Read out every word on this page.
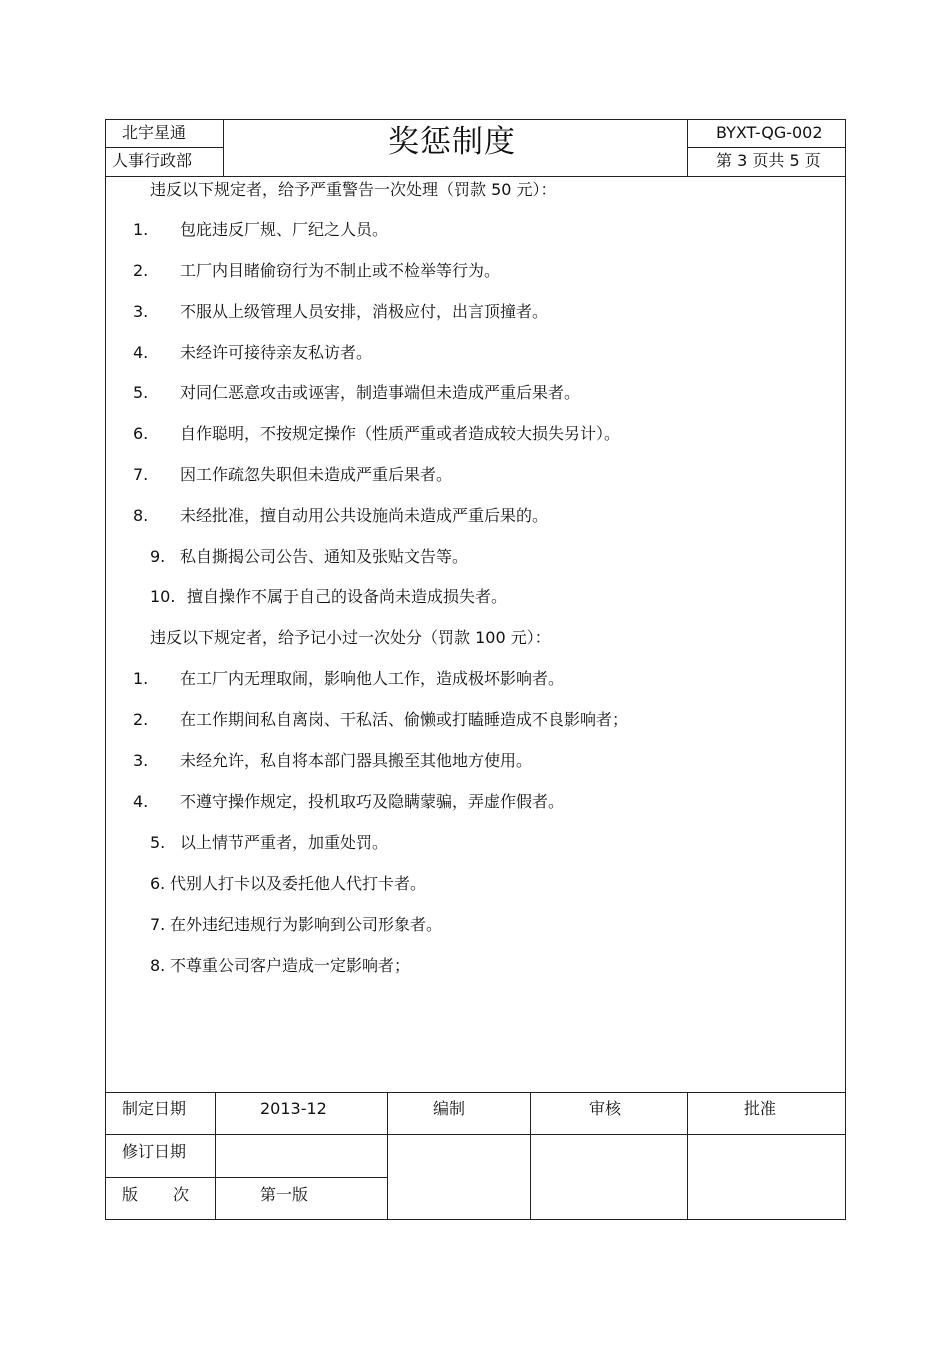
北宇星通
人事行政部
奖惩制度	BYXT-QG-002
第 3 页共 5 页
违反以下规定者，给予严重警告一次处理（罚款 50 元）：
1. 包庇违反厂规、厂纪之人员。
2. 工厂内目睹偷窃行为不制止或不检举等行为。
3. 不服从上级管理人员安排，消极应付，出言顶撞者。
4. 未经许可接待亲友私访者。
5. 对同仁恶意攻击或诬害，制造事端但未造成严重后果者。
6. 自作聪明，不按规定操作（性质严重或者造成较大损失另计）。
7. 因工作疏忽失职但未造成严重后果者。
8. 未经批准，擅自动用公共设施尚未造成严重后果的。
9. 私自撕揭公司公告、通知及张贴文告等。
10. 擅自操作不属于自己的设备尚未造成损失者。
违反以下规定者，给予记小过一次处分（罚款 100 元）：
1. 在工厂内无理取闹，影响他人工作，造成极坏影响者。
2. 在工作期间私自离岗、干私活、偷懒或打瞌睡造成不良影响者；
3. 未经允许，私自将本部门器具搬至其他地方使用。
4. 不遵守操作规定，投机取巧及隐瞒蒙骗，弄虚作假者。
5. 以上情节严重者，加重处罚。
6. 代别人打卡以及委托他人代打卡者。
7. 在外违纪违规行为影响到公司形象者。
8. 不尊重公司客户造成一定影响者；
制定日期	2013-12	编制	审核	批准
修订日期
版　　次	第一版
